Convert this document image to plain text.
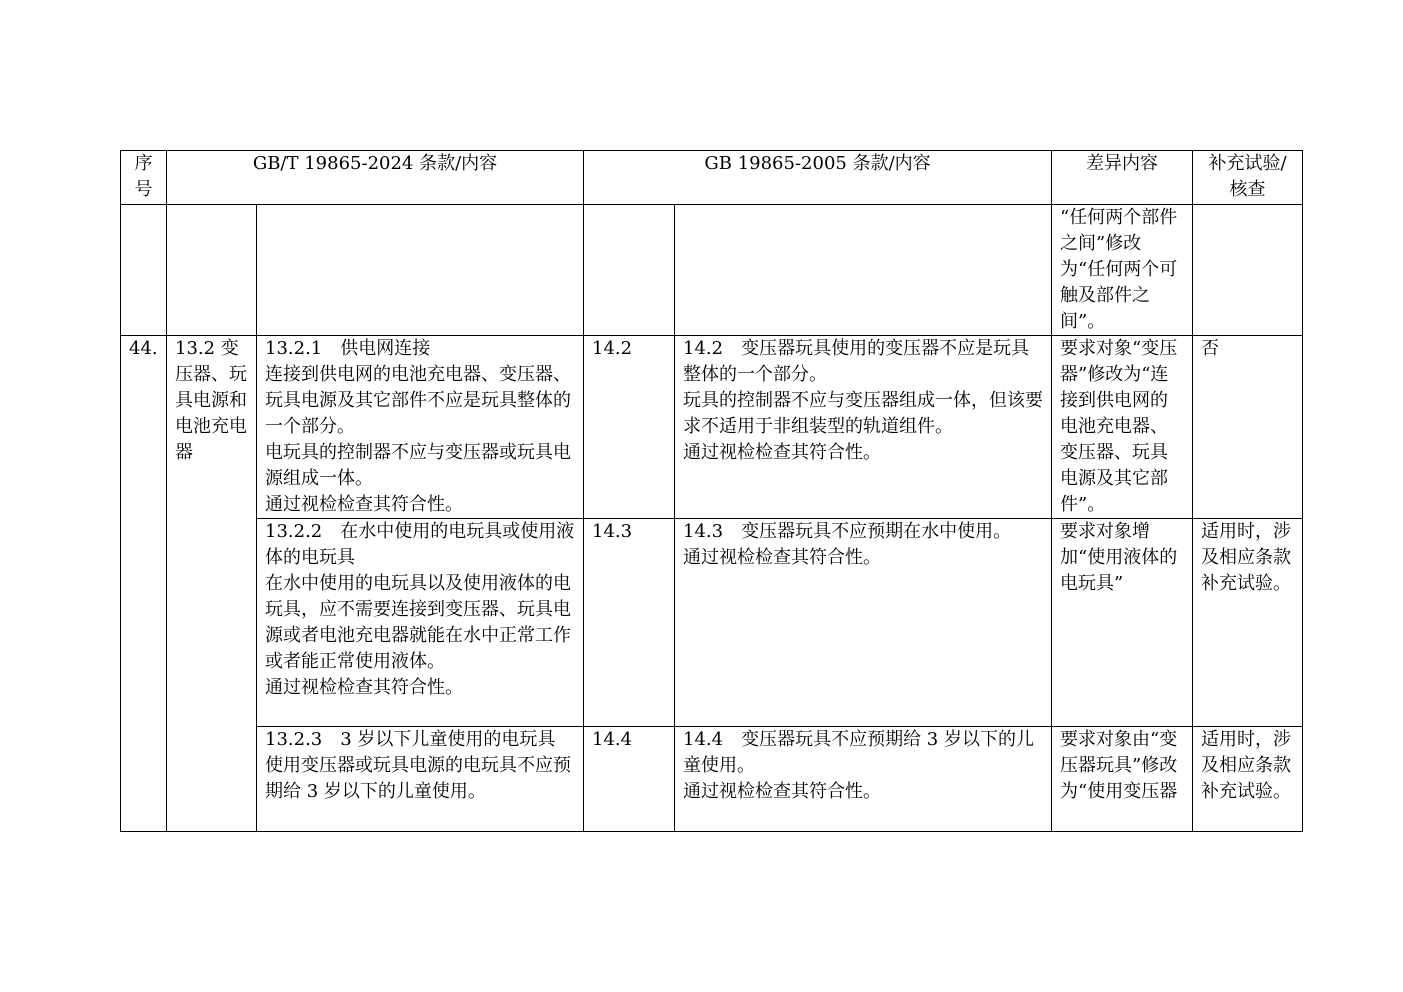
序号	GB/T 19865-2024 条款/内容		GB 19865-2005 条款/内容		差异内容	补充试验/核查
					“任何两个部件之间”修改为“任何两个可触及部件之间”。	
44.	13.2 变压器、玩具电源和电池充电器	13.2.1　供电网连接
连接到供电网的电池充电器、变压器、玩具电源及其它部件不应是玩具整体的一个部分。
电玩具的控制器不应与变压器或玩具电源组成一体。
通过视检检查其符合性。	14.2	14.2　变压器玩具使用的变压器不应是玩具整体的一个部分。
玩具的控制器不应与变压器组成一体，但该要求不适用于非组装型的轨道组件。
通过视检检查其符合性。	要求对象“变压器”修改为“连接到供电网的电池充电器、变压器、玩具电源及其它部件”。	否

		13.2.2　在水中使用的电玩具或使用液体的电玩具
在水中使用的电玩具以及使用液体的电玩具，应不需要连接到变压器、玩具电源或者电池充电器就能在水中正常工作或者能正常使用液体。
通过视检检查其符合性。	14.3	14.3　变压器玩具不应预期在水中使用。
通过视检检查其符合性。	要求对象增加“使用液体的电玩具”	适用时，涉及相应条款补充试验。

		13.2.3　3 岁以下儿童使用的电玩具
使用变压器或玩具电源的电玩具不应预期给 3 岁以下的儿童使用。	14.4	14.4　变压器玩具不应预期给 3 岁以下的儿童使用。
通过视检检查其符合性。	要求对象由“变压器玩具”修改为“使用变压器	适用时，涉及相应条款补充试验。
